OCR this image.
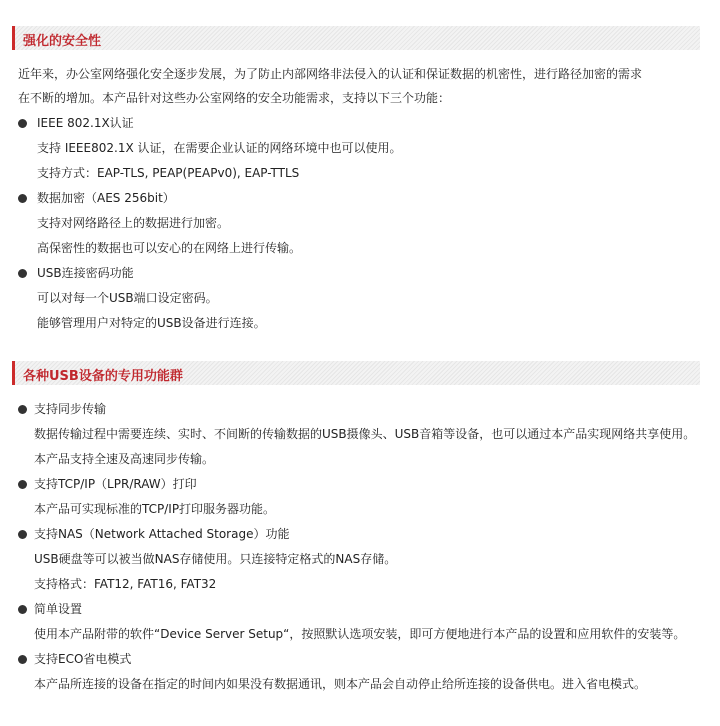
强化的安全性
近年来，办公室网络强化安全逐步发展，为了防止内部网络非法侵入的认证和保证数据的机密性，进行路径加密的需求
在不断的增加。本产品针对这些办公室网络的安全功能需求，支持以下三个功能：
IEEE 802.1X认证
支持 IEEE802.1X 认证，在需要企业认证的网络环境中也可以使用。
支持方式：EAP-TLS, PEAP(PEAPv0), EAP-TTLS
数据加密（AES 256bit）
支持对网络路径上的数据进行加密。
高保密性的数据也可以安心的在网络上进行传输。
USB连接密码功能
可以对每一个USB端口设定密码。
能够管理用户对特定的USB设备进行连接。
各种USB设备的专用功能群
支持同步传输
数据传输过程中需要连续、实时、不间断的传输数据的USB摄像头、USB音箱等设备，也可以通过本产品实现网络共享使用。
本产品支持全速及高速同步传输。
支持TCP/IP（LPR/RAW）打印
本产品可实现标准的TCP/IP打印服务器功能。
支持NAS（Network Attached Storage）功能
USB硬盘等可以被当做NAS存储使用。只连接特定格式的NAS存储。
支持格式：FAT12, FAT16, FAT32
简单设置
使用本产品附带的软件“Device Server Setup“，按照默认选项安装，即可方便地进行本产品的设置和应用软件的安装等。
支持ECO省电模式
本产品所连接的设备在指定的时间内如果没有数据通讯，则本产品会自动停止给所连接的设备供电。进入省电模式。
